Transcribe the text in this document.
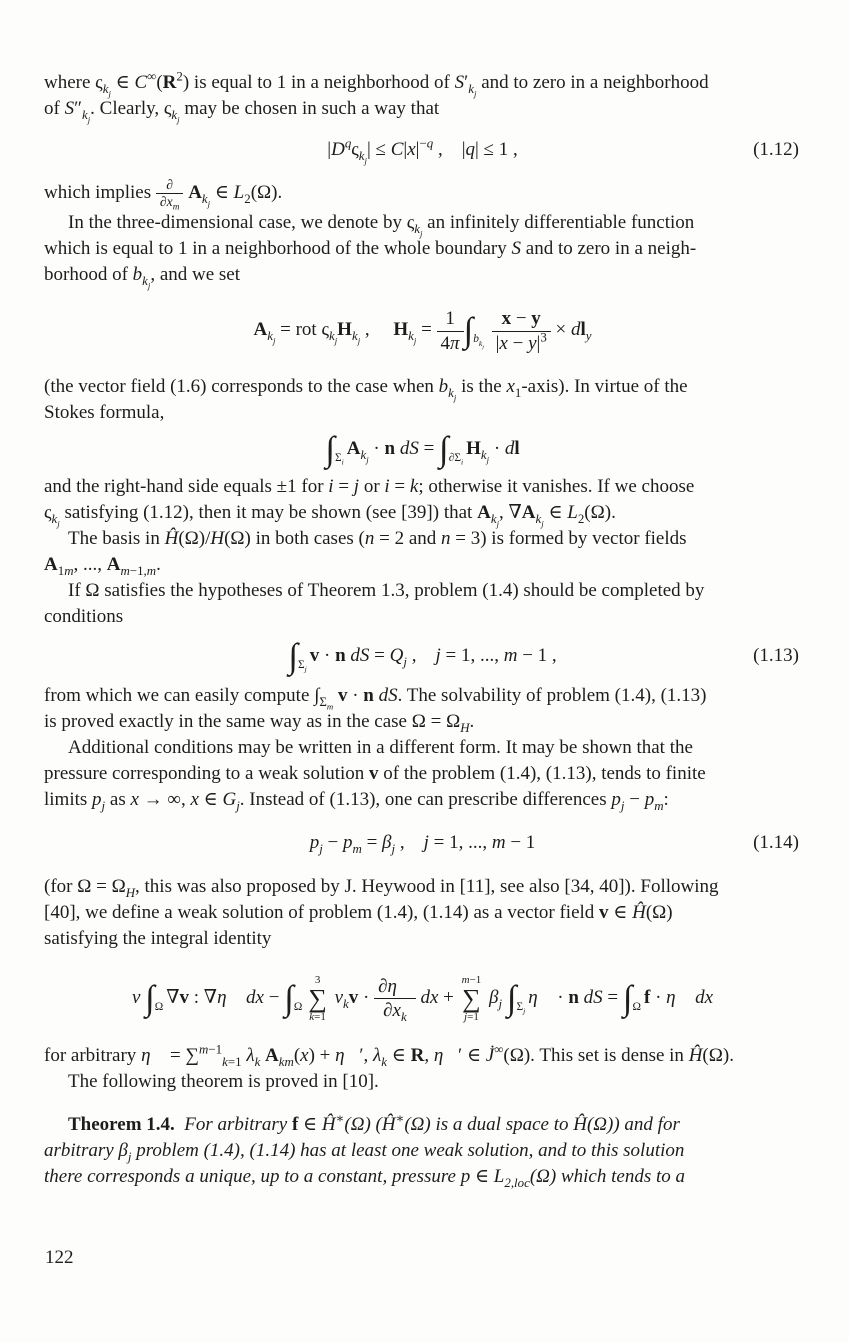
where $\varsigma_{k_j}$ ∈ $C^\infty(R^2)$ is equal to 1 in a neighborhood of $S'_{k_j}$ and to zero in a neighborhood
of $S''_{k_j}$. Clearly, $\varsigma_{k_j}$ may be chosen in such a way that

$|D^q\varsigma_{k_j}| \le C|x|^{-q}$ ,    |q| ≤ 1 ,	(1.12)

which implies $\frac{\partial}{\partial x_m} A_{k_j}$ ∈ $L_2(\Omega)$.

In the three-dimensional case, we denote by $\varsigma_{k_j}$ an infinitely differentiable function
which is equal to 1 in a neighborhood of the whole boundary S and to zero in a neigh-
borhood of $b_{k_j}$, and we set

$A_{k_j}$ = rot $\varsigma_{k_j}H_{k_j}$ ,     $H_{k_j} = \frac{1}{4\pi} \int_{b_{k_j}} \frac{x - y}{|x - y|^3} \times dl_y$

(the vector field (1.6) corresponds to the case when $b_{k_j}$ is the $x_1-axis$). In virtue of the
Stokes formula,

$\int_{\Sigma_i}A_{k_j} \cdot n$ dS = $\int_{\partial\Sigma_i}H_{k_j}$ · dl

and the right-hand side equals ±1 for i = j or i = k; otherwise it vanishes. If we choose
$\varsigma_{k_j}$ satisfying (1.12), then it may be shown (see [39]) that $A_{k_j}$, $\nabla A_{k_j}$ ∈ $L_2(\Omega)$.

The basis in Ĥ(Ω)/H(Ω) in both cases (n = 2 and n = 3) is formed by vector fields
$A_{1m}$, ..., $A_{m-1,m}$.

If Ω satisfies the hypotheses of Theorem 1.3, problem (1.4) should be completed by
conditions

$\int_{\Sigma_j}v \cdot n$ dS = $Q_j$ ,    j = 1, ..., m − 1 ,	(1.13)

from which we can easily compute $\int_{\Sigma_m}$ v · n dS. The solvability of problem (1.4), (1.13)
is proved exactly in the same way as in the case $\Omega = \Omega_H$.

Additional conditions may be written in a different form. It may be shown that the
pressure corresponding to a weak solution v of the problem (1.4), (1.13), tends to finite
limits $p_j$ as x → ∞, x ∈ $G_j$. Instead of (1.13), one can prescribe differences $p_j - p_m$:

$p_j - p_m = \beta_j$ ,    j = 1, ..., m − 1	(1.14)

(for $\Omega = \Omega_H$, this was also proposed by J. Heywood in [11], see also [34, 40]). Following
[40], we define a weak solution of problem (1.4), (1.14) as a vector field v ∈ Ĥ(Ω)
satisfying the integral identity

ν $\int_\Omega$ ∇v : ∇η⃗ dx − $\int_\Omega$
3
∑
k=1
$v_kv \cdot \frac{\partial\eta⃗}{\partial x_k}$ dx +
m−1
∑
j=1
$\beta_j$ $\int_{\Sigma_j}\eta⃗ \cdot n$ dS = $\int_\Omega$ f · η⃗ dx

for arbitrary η⃗ = ∑$^{m-1}_{k=1}$ $\lambda_k$ $A_{km}(x)$ + η⃗′, $\lambda_k$ ∈ R, η⃗′ ∈ J̇∞(Ω). This set is dense in Ĥ(Ω).
The following theorem is proved in [10].

Theorem 1.4. For arbitrary f ∈ Ĥ∗(Ω) (Ĥ∗(Ω) is a dual space to Ĥ(Ω)) and for
arbitrary $\beta_j$ problem (1.4), (1.14) has at least one weak solution, and to this solution
there corresponds a unique, up to a constant, pressure p ∈ $L_{2,loc}(\Omega)$ which tends to a

122
